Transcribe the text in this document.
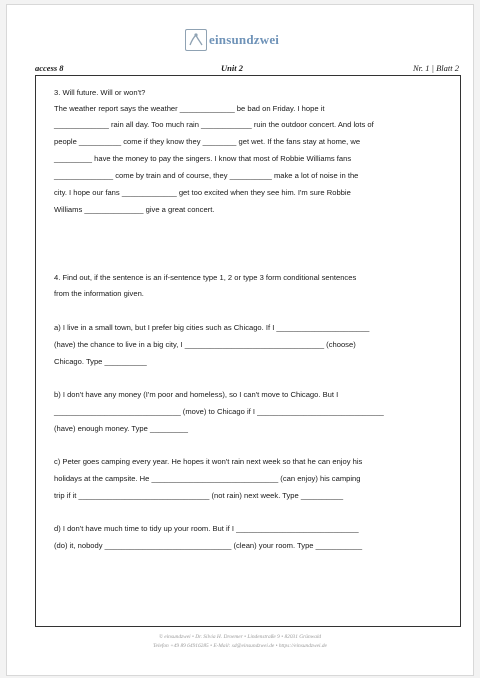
einsundzwei
access 8	Unit 2	Nr. 1 | Blatt 2
3. Will future. Will or won't?
The weather report says the weather _____________ be bad on Friday. I hope it
_____________ rain all day. Too much rain ____________ ruin the outdoor concert. And lots of
people __________ come if they know they ________ get wet. If the fans stay at home, we
_________ have the money to pay the singers. I know that most of Robbie Williams fans
______________ come by train and of course, they __________ make a lot of noise in the
city. I hope our fans _____________ get too excited when they see him. I'm sure Robbie
Williams ______________ give a great concert.
4. Find out, if the sentence is an if-sentence type 1, 2 or type 3 form conditional sentences
from the information given.
a) I live in a small town, but I prefer big cities such as Chicago. If I ______________________
(have) the chance to live in a big city, I _________________________________ (choose)
Chicago. Type __________
b) I don't have any money (I'm poor and homeless), so I can't move to Chicago. But I
______________________________ (move) to Chicago if I ______________________________
(have) enough money. Type _________
c) Peter goes camping every year. He hopes it won't rain next week so that he can enjoy his
holidays at the campsite. He ______________________________ (can enjoy) his camping
trip if it _______________________________ (not rain) next week. Type __________
d) I don't have much time to tidy up your room. But if I _____________________________
(do) it, nobody ______________________________ (clean) your room. Type ___________
© einsundzwei • Dr. Silvia H. Droemer • Lindenstraße 9 • 82031 Grünwald
Telefon +49 89 64916285 • E-Mail: sd@einsundzwei.de • https://einsundzwei.de
